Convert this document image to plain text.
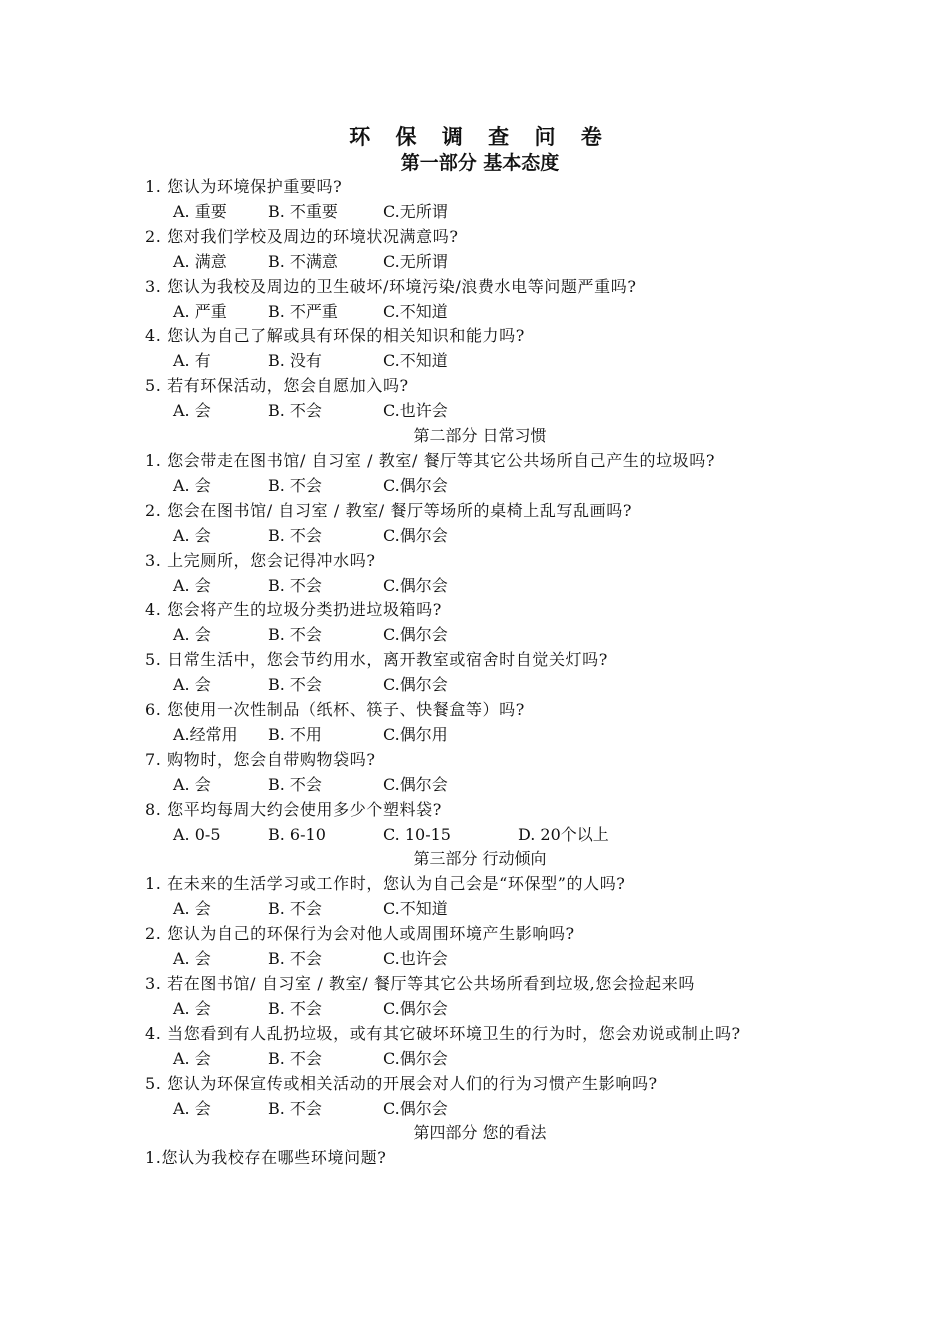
环 保 调 查 问 卷
第一部分 基本态度
1. 您认为环境保护重要吗?
A. 重要	B. 不重要	C.无所谓
2. 您对我们学校及周边的环境状况满意吗?
A. 满意	B. 不满意	C.无所谓
3. 您认为我校及周边的卫生破坏/环境污染/浪费水电等问题严重吗?
A. 严重	B. 不严重	C.不知道
4. 您认为自己了解或具有环保的相关知识和能力吗?
A. 有	B. 没有	C.不知道
5. 若有环保活动，您会自愿加入吗?
A. 会	B. 不会	C.也许会
第二部分 日常习惯
1. 您会带走在图书馆/ 自习室 / 教室/ 餐厅等其它公共场所自己产生的垃圾吗?
A. 会	B. 不会	C.偶尔会
2. 您会在图书馆/ 自习室 / 教室/ 餐厅等场所的桌椅上乱写乱画吗?
A. 会	B. 不会	C.偶尔会
3. 上完厕所，您会记得冲水吗?
A. 会	B. 不会	C.偶尔会
4. 您会将产生的垃圾分类扔进垃圾箱吗?
A. 会	B. 不会	C.偶尔会
5. 日常生活中，您会节约用水，离开教室或宿舍时自觉关灯吗?
A. 会	B. 不会	C.偶尔会
6. 您使用一次性制品（纸杯、筷子、快餐盒等）吗?
A.经常用 B. 不用	C.偶尔用
7. 购物时，您会自带购物袋吗?
A. 会	B. 不会	C.偶尔会
8. 您平均每周大约会使用多少个塑料袋?
A. 0-5	B. 6-10	C. 10-15	D. 20个以上
第三部分 行动倾向
1. 在未来的生活学习或工作时，您认为自己会是“环保型”的人吗?
A. 会	B. 不会	C.不知道
2. 您认为自己的环保行为会对他人或周围环境产生影响吗?
A. 会	B. 不会	C.也许会
3. 若在图书馆/ 自习室 / 教室/ 餐厅等其它公共场所看到垃圾,您会捡起来吗
A. 会	B. 不会	C.偶尔会
4. 当您看到有人乱扔垃圾，或有其它破坏环境卫生的行为时，您会劝说或制止吗?
A. 会	B. 不会	C.偶尔会
5. 您认为环保宣传或相关活动的开展会对人们的行为习惯产生影响吗?
A. 会	B. 不会	C.偶尔会
第四部分 您的看法
1.您认为我校存在哪些环境问题?
